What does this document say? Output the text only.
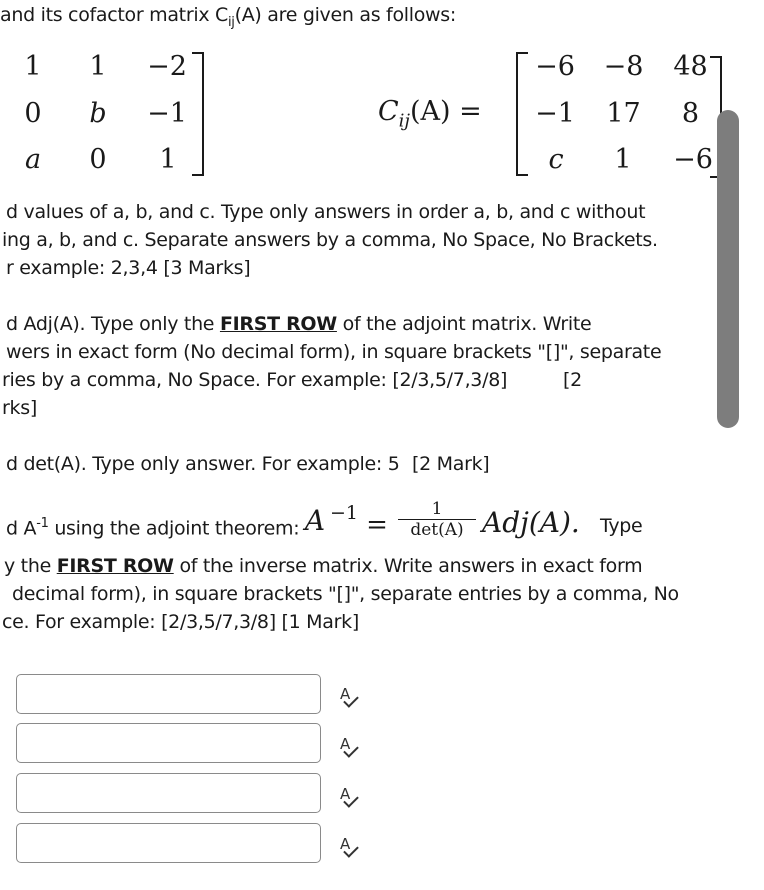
and its cofactor matrix $C_{ij}(A)$ are given as follows:
1 1 −2
0 b −1
a 0	1
$C_{ij}(A)$ =
−6 −8 48
−1	17	8
c	1	−6
d values of a, b, and c. Type only answers in order a, b, and c without
ing a, b, and c. Separate answers by a comma, No Space, No Brackets.
r example: 2,3,4 [3 Marks]
d Adj(A). Type only the FIRST ROW of the adjoint matrix. Write
wers in exact form (No decimal form), in square brackets "[]", separate
ries by a comma, No Space. For example: [2/3,5/7,3/8]	[2
rks]
d det(A). Type only answer. For example: 5 [2 Mark]
d $A^{-1}$ using the adjoint theorem: A −1 =
1
det(A) Adj(A).	Type
y the FIRST ROW of the inverse matrix. Write answers in exact form
decimal form), in square brackets "[]", separate entries by a comma, No
ce. For example: [2/3,5/7,3/8] [1 Mark]
A
A
A
A
